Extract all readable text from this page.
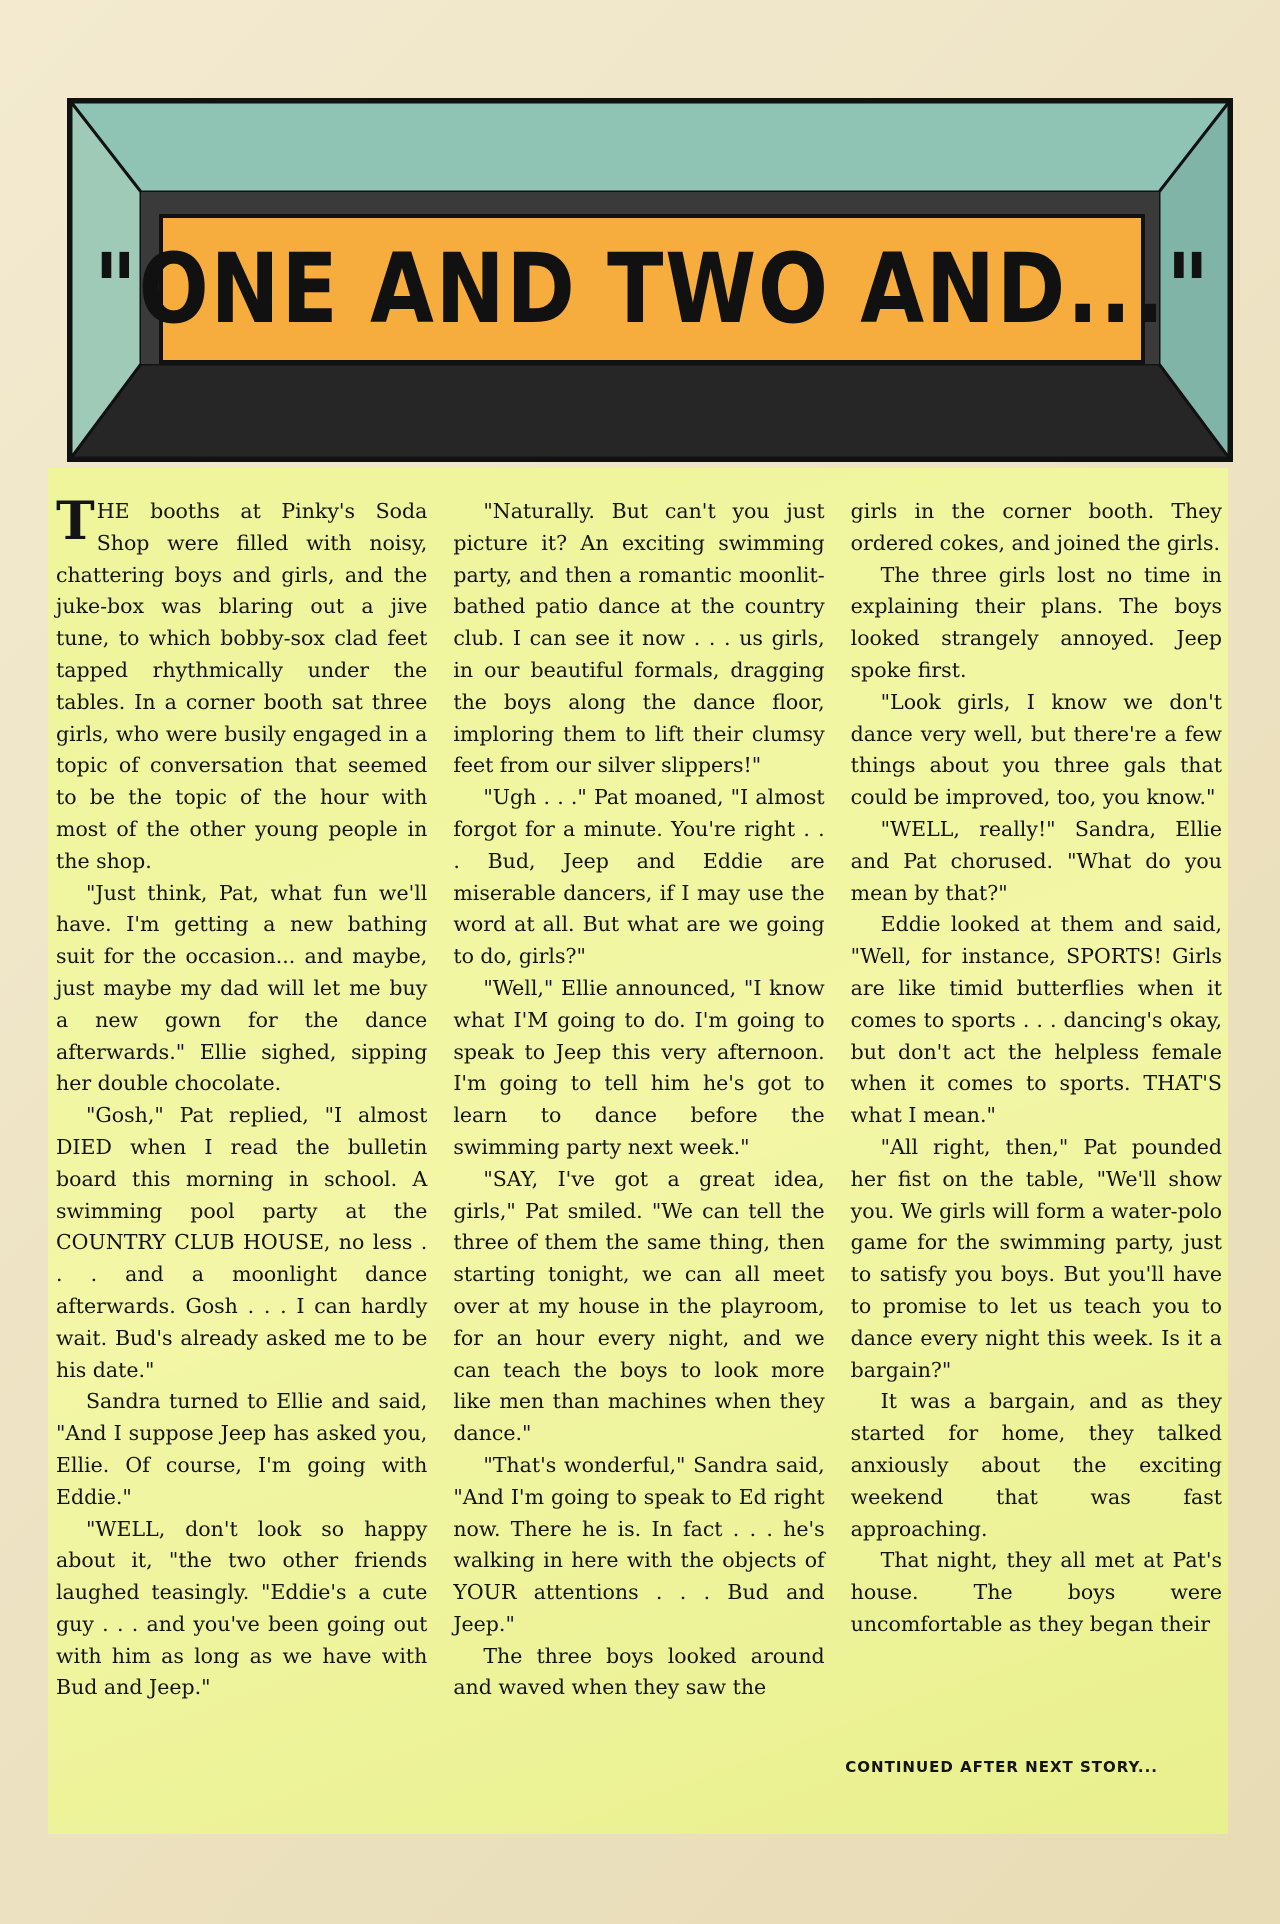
"ONE AND TWO AND..."

THE booths at Pinky's Soda Shop were filled with noisy, chattering boys and girls, and the juke-box was blaring out a jive tune, to which bobby-sox clad feet tapped rhythmically under the tables. In a corner booth sat three girls, who were busily engaged in a topic of conversation that seemed to be the topic of the hour with most of the other young people in the shop.

"Just think, Pat, what fun we'll have. I'm getting a new bathing suit for the occasion... and maybe, just maybe my dad will let me buy a new gown for the dance afterwards." Ellie sighed, sipping her double chocolate.

"Gosh," Pat replied, "I almost DIED when I read the bulletin board this morning in school. A swimming pool party at the COUNTRY CLUB HOUSE, no less . . . and a moonlight dance afterwards. Gosh . . . I can hardly wait. Bud's already asked me to be his date."

Sandra turned to Ellie and said, "And I suppose Jeep has asked you, Ellie. Of course, I'm going with Eddie."

"WELL, don't look so happy about it, "the two other friends laughed teasingly. "Eddie's a cute guy . . . and you've been going out with him as long as we have with Bud and Jeep."

"Naturally. But can't you just picture it? An exciting swimming party, and then a romantic moonlit-bathed patio dance at the country club. I can see it now . . . us girls, in our beautiful formals, dragging the boys along the dance floor, imploring them to lift their clumsy feet from our silver slippers!"

"Ugh . . ." Pat moaned, "I almost forgot for a minute. You're right . . . Bud, Jeep and Eddie are miserable dancers, if I may use the word at all. But what are we going to do, girls?"

"Well," Ellie announced, "I know what I'M going to do. I'm going to speak to Jeep this very afternoon. I'm going to tell him he's got to learn to dance before the swimming party next week."

"SAY, I've got a great idea, girls," Pat smiled. "We can tell the three of them the same thing, then starting tonight, we can all meet over at my house in the playroom, for an hour every night, and we can teach the boys to look more like men than machines when they dance."

"That's wonderful," Sandra said, "And I'm going to speak to Ed right now. There he is. In fact . . . he's walking in here with the objects of YOUR attentions . . . Bud and Jeep."

The three boys looked around and waved when they saw the

girls in the corner booth. They ordered cokes, and joined the girls.

The three girls lost no time in explaining their plans. The boys looked strangely annoyed. Jeep spoke first.

"Look girls, I know we don't dance very well, but there're a few things about you three gals that could be improved, too, you know."

"WELL, really!" Sandra, Ellie and Pat chorused. "What do you mean by that?"

Eddie looked at them and said, "Well, for instance, SPORTS! Girls are like timid butterflies when it comes to sports . . . dancing's okay, but don't act the helpless female when it comes to sports. THAT'S what I mean."

"All right, then," Pat pounded her fist on the table, "We'll show you. We girls will form a water-polo game for the swimming party, just to satisfy you boys. But you'll have to promise to let us teach you to dance every night this week. Is it a bargain?"

It was a bargain, and as they started for home, they talked anxiously about the exciting weekend that was fast approaching.

That night, they all met at Pat's house. The boys were uncomfortable as they began their

CONTINUED AFTER NEXT STORY...
